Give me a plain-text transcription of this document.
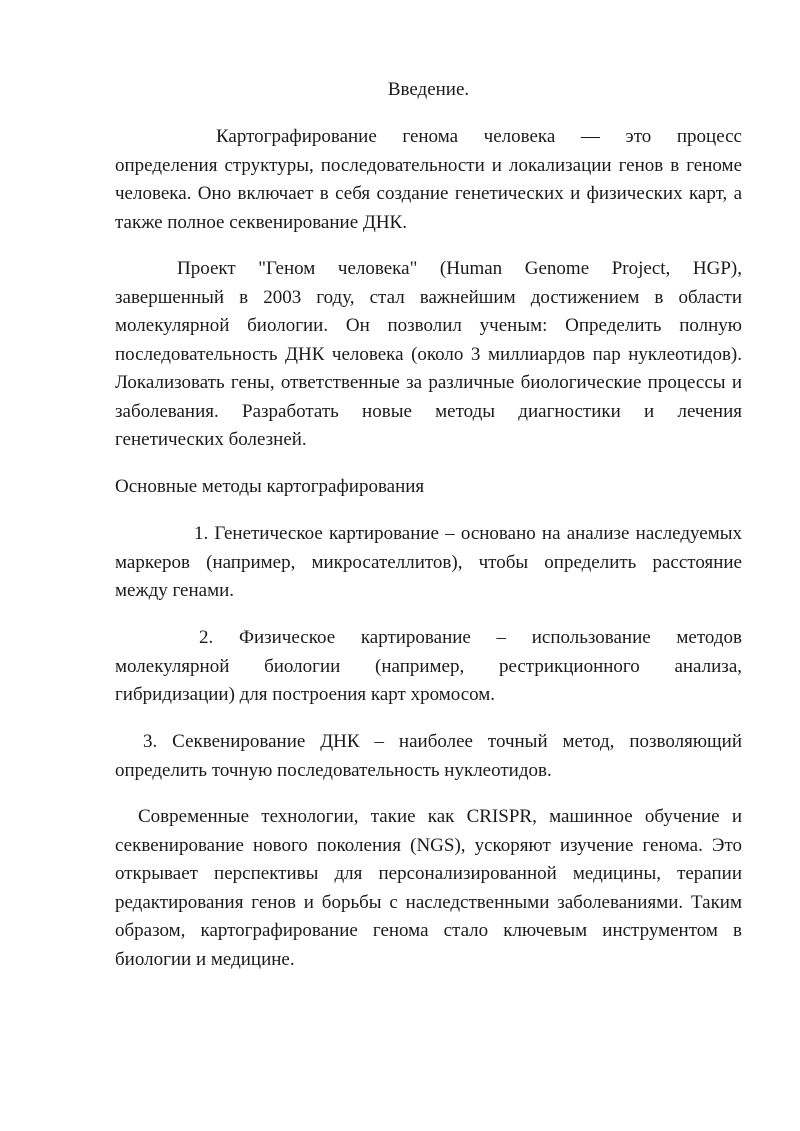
Введение.

Картографирование генома человека — это процесс определения структуры, последовательности и локализации генов в геноме человека. Оно включает в себя создание генетических и физических карт, а также полное секвенирование ДНК.

Проект "Геном человека" (Human Genome Project, HGP), завершенный в 2003 году, стал важнейшим достижением в области молекулярной биологии. Он позволил ученым: Определить полную последовательность ДНК человека (около 3 миллиардов пар нуклеотидов). Локализовать гены, ответственные за различные биологические процессы и заболевания. Разработать новые методы диагностики и лечения генетических болезней.

Основные методы картографирования

1. Генетическое картирование – основано на анализе наследуемых маркеров (например, микросателлитов), чтобы определить расстояние между генами.

2. Физическое картирование – использование методов молекулярной биологии (например, рестрикционного анализа, гибридизации) для построения карт хромосом.

3. Секвенирование ДНК – наиболее точный метод, позволяющий определить точную последовательность нуклеотидов.

Современные технологии, такие как CRISPR, машинное обучение и секвенирование нового поколения (NGS), ускоряют изучение генома. Это открывает перспективы для персонализированной медицины, терапии редактирования генов и борьбы с наследственными заболеваниями. Таким образом, картографирование генома стало ключевым инструментом в биологии и медицине.
